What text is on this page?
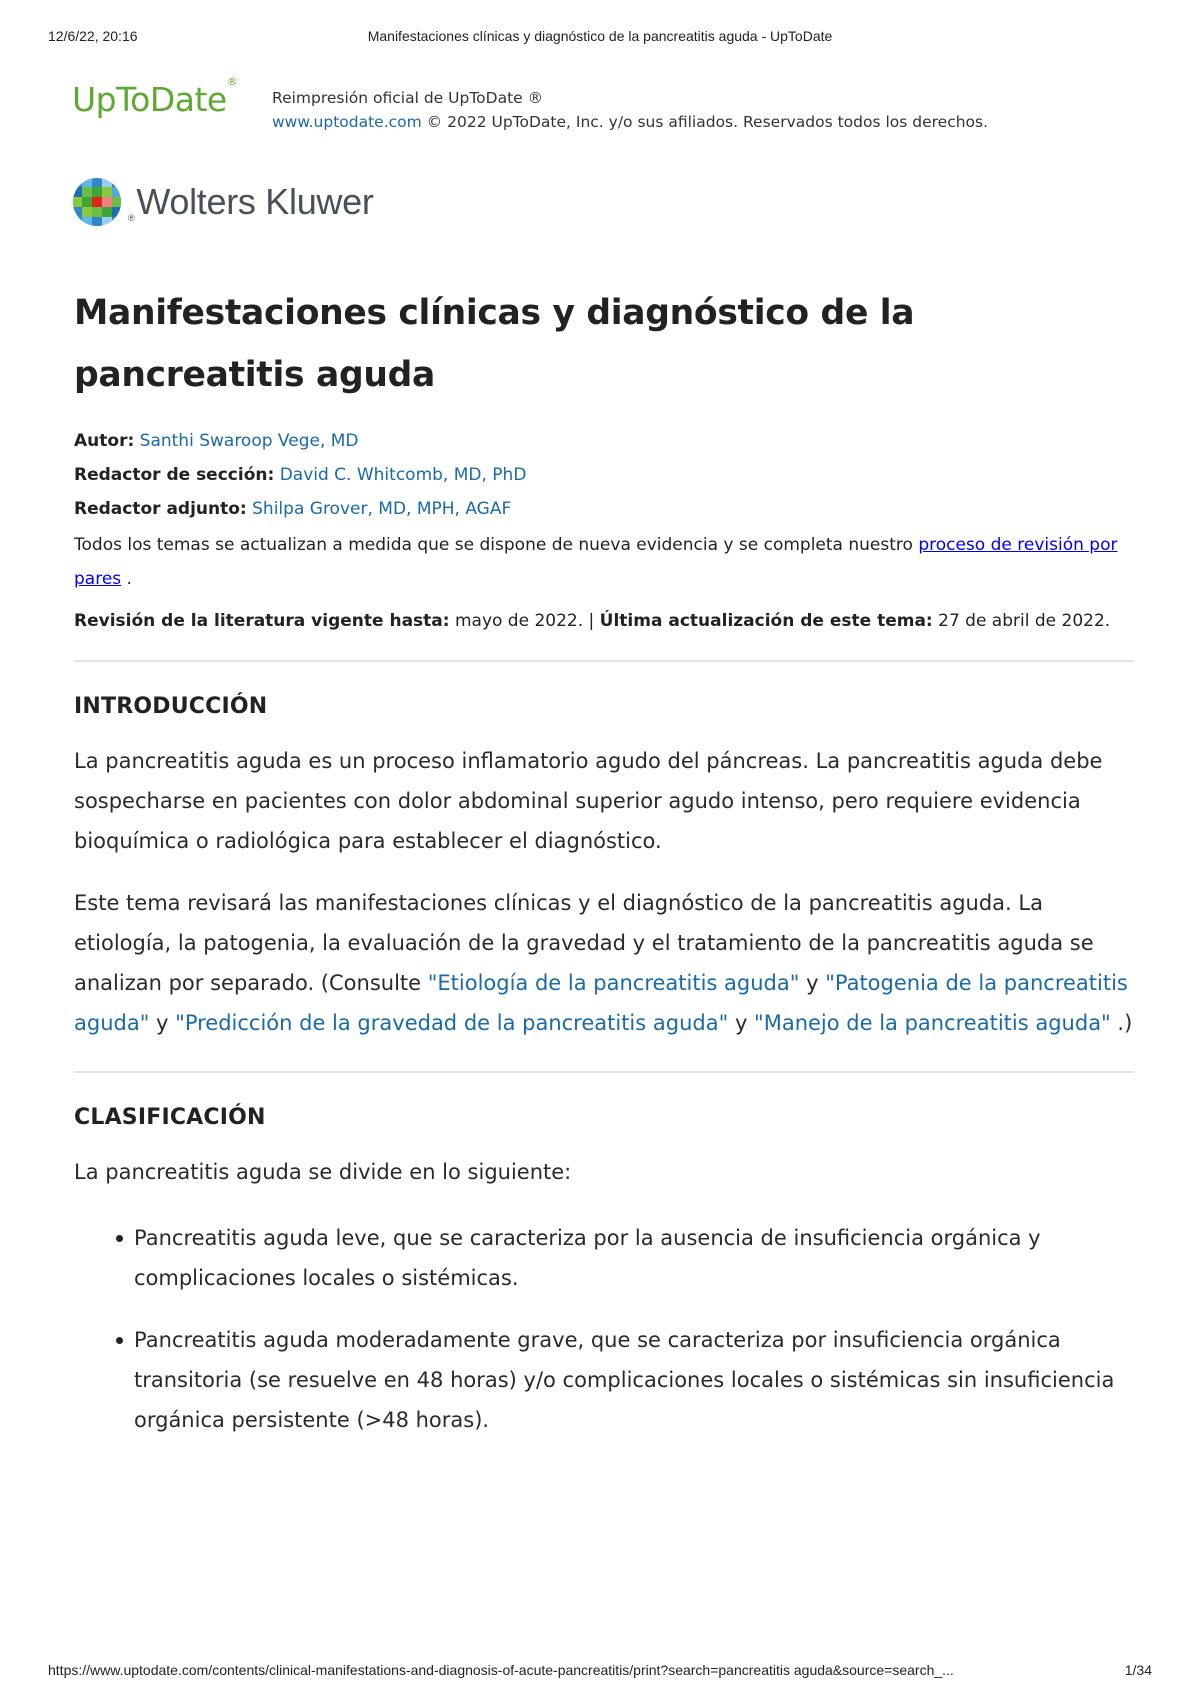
12/6/22, 20:16	Manifestaciones clínicas y diagnóstico de la pancreatitis aguda - UpToDate
UpToDate®
Reimpresión oficial de UpToDate ®
www.uptodate.com © 2022 UpToDate, Inc. y/o sus afiliados. Reservados todos los derechos.
®Wolters Kluwer
Manifestaciones clínicas y diagnóstico de la pancreatitis aguda
Autor: Santhi Swaroop Vege, MD
Redactor de sección: David C. Whitcomb, MD, PhD
Redactor adjunto: Shilpa Grover, MD, MPH, AGAF
Todos los temas se actualizan a medida que se dispone de nueva evidencia y se completa nuestro proceso de revisión por pares .
Revisión de la literatura vigente hasta: mayo de 2022. | Última actualización de este tema: 27 de abril de 2022.
INTRODUCCIÓN

La pancreatitis aguda es un proceso inflamatorio agudo del páncreas. La pancreatitis aguda debe sospecharse en pacientes con dolor abdominal superior agudo intenso, pero requiere evidencia bioquímica o radiológica para establecer el diagnóstico.

Este tema revisará las manifestaciones clínicas y el diagnóstico de la pancreatitis aguda. La etiología, la patogenia, la evaluación de la gravedad y el tratamiento de la pancreatitis aguda se analizan por separado. (Consulte "Etiología de la pancreatitis aguda" y "Patogenia de la pancreatitis aguda" y "Predicción de la gravedad de la pancreatitis aguda" y "Manejo de la pancreatitis aguda" .)

CLASIFICACIÓN

La pancreatitis aguda se divide en lo siguiente:

Pancreatitis aguda leve, que se caracteriza por la ausencia de insuficiencia orgánica y complicaciones locales o sistémicas.
Pancreatitis aguda moderadamente grave, que se caracteriza por insuficiencia orgánica transitoria (se resuelve en 48 horas) y/o complicaciones locales o sistémicas sin insuficiencia orgánica persistente (>48 horas).
https://www.uptodate.com/contents/clinical-manifestations-and-diagnosis-of-acute-pancreatitis/print?search=pancreatitis aguda&source=search_...	1/34
